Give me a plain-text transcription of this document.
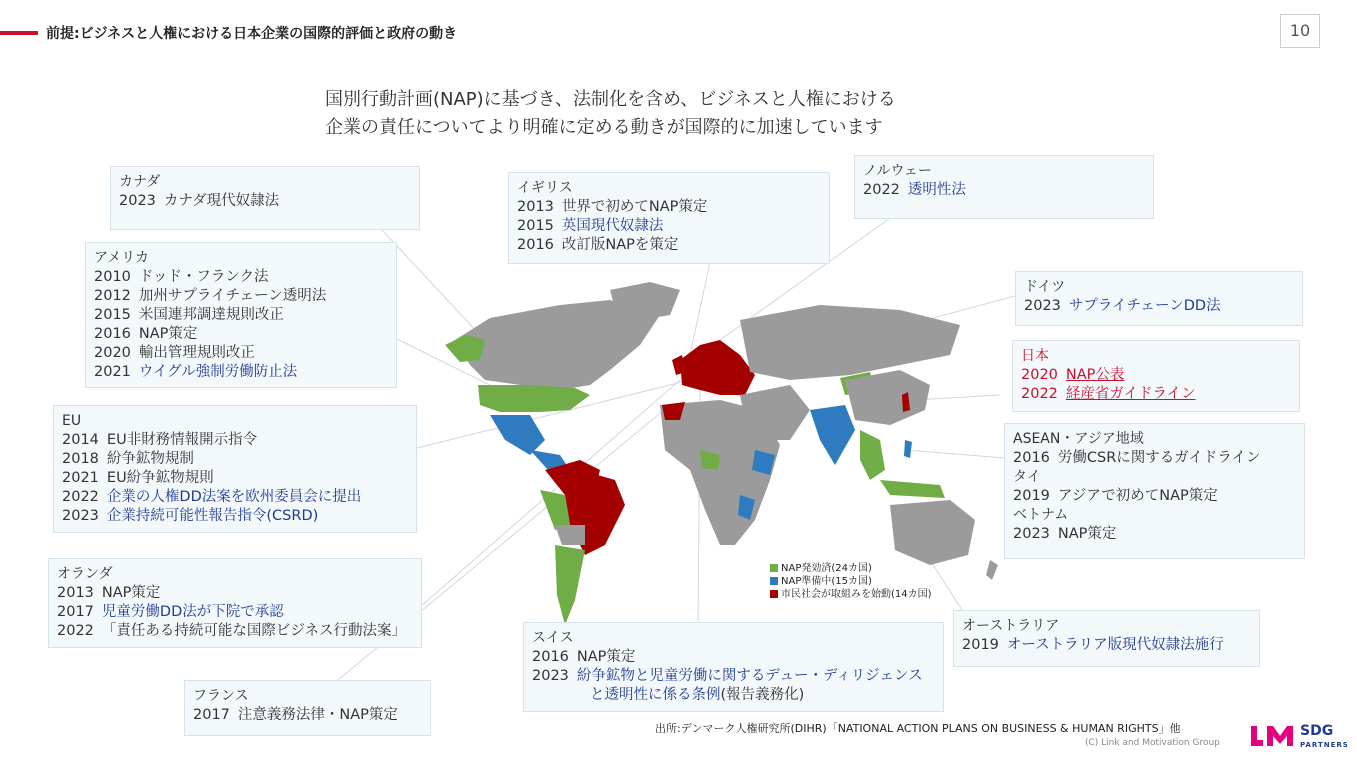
前提:ビジネスと人権における日本企業の国際的評価と政府の動き	10
国別行動計画(NAP)に基づき、法制化を含め、ビジネスと人権における
企業の責任についてより明確に定める動きが国際的に加速しています
カナダ
2023 カナダ現代奴隷法
アメリカ
2010 ドッド・フランク法
2012 加州サプライチェーン透明法
2015 米国連邦調達規則改正
2016 NAP策定
2020 輸出管理規則改正
2021 ウイグル強制労働防止法
EU
2014 EU非財務情報開示指令
2018 紛争鉱物規制
2021 EU紛争鉱物規則
2022 企業の人権DD法案を欧州委員会に提出
2023 企業持続可能性報告指令(CSRD)
オランダ
2013 NAP策定
2017 児童労働DD法が下院で承認
2022 「責任ある持続可能な国際ビジネス行動法案」
フランス
2017 注意義務法律・NAP策定
イギリス
2013 世界で初めてNAP策定
2015 英国現代奴隷法
2016 改訂版NAPを策定
ノルウェー
2022 透明性法
ドイツ
2023 サプライチェーンDD法
日本
2020 NAP公表
2022 経産省ガイドライン
ASEAN・アジア地域
2016 労働CSRに関するガイドライン
タイ
2019 アジアで初めてNAP策定
ベトナム
2023 NAP策定
スイス
2016 NAP策定
2023 紛争鉱物と児童労働に関するデュー・ディリジェンス
と透明性に係る条例(報告義務化)
オーストラリア
2019 オーストラリア版現代奴隷法施行
NAP発効済(24カ国)
NAP準備中(15カ国)
市民社会が取組みを始動(14カ国)
出所:デンマーク人権研究所(DIHR)「NATIONAL ACTION PLANS ON BUSINESS & HUMAN RIGHTS」他
(C) Link and Motivation Group
SDG
PARTNERS
